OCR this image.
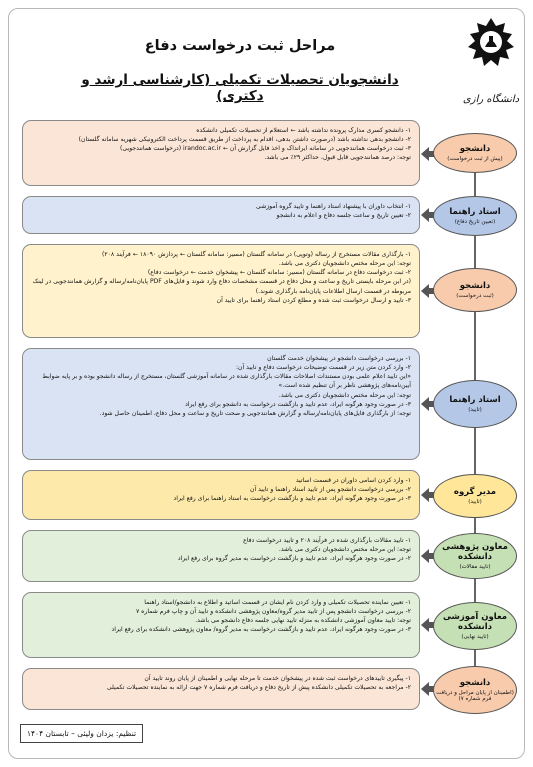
دانشگاه رازی
مراحل ثبت درخواست دفاع
دانشجویان تحصیلات تکمیلی (کارشناسی ارشد و دکتری)

۱- دانشجو کسری مدارک پرونده نداشته باشد ← استعلام از تحصیلات تکمیلی دانشکده

۲- دانشجو بدهی نداشته باشد (درصورت داشتن بدهی، اقدام به پرداخت از طریق قسمت پرداخت الکترونیکی شهریه سامانه گلستان)

۳- ثبت درخواست همانندجویی در سامانه ایرانداک و اخذ فایل گزارش آن ← irandoc.ac.ir (درخواست همانندجویی)

توجه: درصد همانندجویی قابل قبول، حداکثر ۲۹٪ می باشد.

دانشجو
(پیش از ثبت درخواست)

۱- انتخاب داوران با پیشنهاد استاد راهنما و تایید گروه آموزشی

۲- تعیین تاریخ و ساعت جلسه دفاع و اعلام به دانشجو	استاد راهنما
(تعیین تاریخ دفاع)

۱- بارگذاری مقالات مستخرج از رساله (وتوپی) در سامانه گلستان (مسیر: سامانه گلستان ← پردازش ۱۸۰۹۰ ← فرآیند ۲۰۸)

توجه: این مرحله مختص دانشجویان دکتری می باشد.

۲- ثبت درخواست دفاع در سامانه گلستان (مسیر: سامانه گلستان ← پیشخوان خدمت ← درخواست دفاع)

(در این مرحله بایستی تاریخ و ساعت و محل دفاع در قسمت مشخصات دفاع وارد شوند و فایل‌های PDF پایان‌نامه/رساله و گزارش همانندجویی در لینک مربوطه در قسمت ارسال اطلاعات پایان‌نامه بارگذاری شوند.)

۳- تایید و ارسال درخواست ثبت شده و مطلع کردن استاد راهنما برای تایید آن

دانشجو
(ثبت درخواست)

۱- بررسی درخواست دانشجو در پیشخوان خدمت گلستان

۲- وارد کردن متن زیر در قسمت توضیحات درخواست دفاع و تایید آن:

«این تایید اعلام علمی بودن مستندات اصلاحات مقالات بارگذاری شده در سامانه آموزشی گلستان، مستخرج از رساله دانشجو بوده و بر پایه ضوابط آیین‌نامه‌های پژوهشی ناظر بر آن تنظیم شده است.»

توجه: این مرحله مختص دانشجویان دکتری می باشد.

۳- در صورت وجود هرگونه ایراد، عدم تایید و بازگشت درخواست به دانشجو برای رفع ایراد

توجه: از بارگذاری فایل‌های پایان‌نامه/رساله و گزارش همانندجویی و صحت تاریخ و ساعت و محل دفاع، اطمینان حاصل شود.

استاد راهنما
(تایید)

۱- وارد کردن اسامی داوران در قسمت اساتید

۲- بررسی درخواست دانشجو پس از تایید استاد راهنما و تایید آن

۳- در صورت وجود هرگونه ایراد، عدم تایید و بازگشت درخواست به استاد راهنما برای رفع ایراد

مدیر گروه
(تایید)

۱- تایید مقالات بارگذاری شده در فرآیند ۲۰۸ و تایید درخواست دفاع

توجه: این مرحله مختص دانشجویان دکتری می باشد.

۲- در صورت وجود هرگونه ایراد، عدم تایید و بازگشت درخواست به مدیر گروه برای رفع ایراد

معاون پژوهشی دانشکده
(تایید مقالات)

۱- تعیین نماینده تحصیلات تکمیلی و وارد کردن نام ایشان در قسمت اساتید و اطلاع به دانشجو/استاد راهنما

۲- بررسی درخواست دانشجو پس از تایید مدیر گروه/معاون پژوهشی دانشکده و تایید آن و چاپ فرم شماره ۷

توجه: تایید معاون آموزشی دانشکده به منزله تایید نهایی جلسه دفاع دانشجو می باشد.

۳- در صورت وجود هرگونه ایراد، عدم تایید و بازگشت درخواست به مدیر گروه/ معاون پژوهشی دانشکده برای رفع ایراد

معاون آموزشی دانشکده
(تایید نهایی)

۱- پیگیری تاییدهای درخواست ثبت شده در پیشخوان خدمت تا مرحله نهایی و اطمینان از پایان روند تایید آن

۲- مراجعه به تحصیلات تکمیلی دانشکده پیش از تاریخ دفاع و دریافت فرم شماره ۷ جهت ارائه به نماینده تحصیلات تکمیلی	دانشجو
(اطمینان از پایان مراحل و دریافت فرم شماره ۷)
تنظیم: یزدان ولیئی – تابستان ۱۴۰۴
